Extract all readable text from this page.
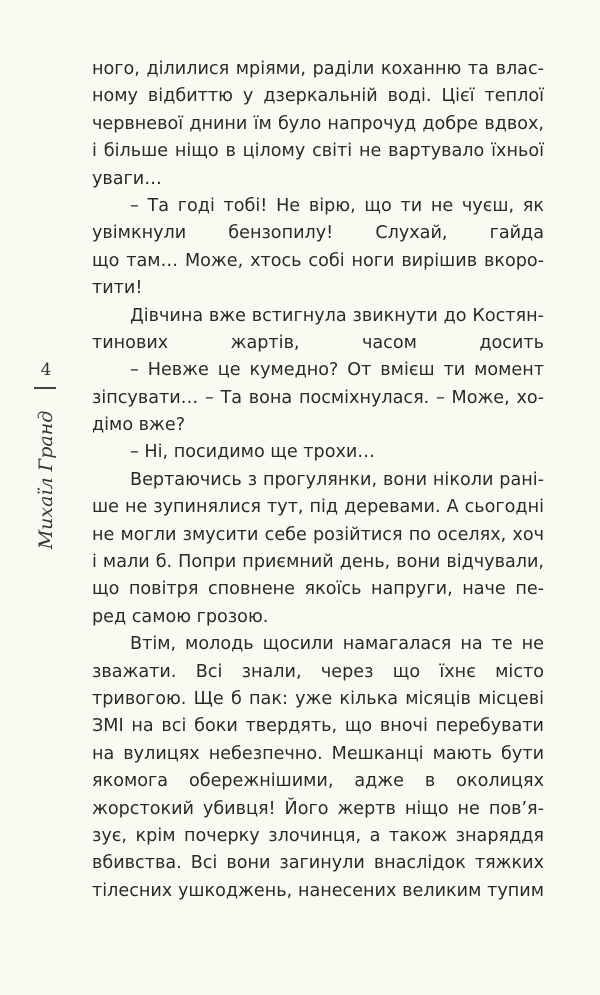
4
Михаїл Гранд
ного, ділилися мріями, раділи коханню та влас-
ному відбиттю у дзеркальній воді. Цієї теплої
червневої днини їм було напрочуд добре вдвох,
і більше ніщо в цілому світі не вартувало їхньої
уваги…
– Та годі тобі! Не вірю, що ти не чуєш, як
увімкнули бензопилу! Слухай, гайда
що там… Може, хтось собі ноги вирішив вкоро-
тити!
Дівчина вже встигнула звикнути до Костян-
тинових жартів, часом досить
– Невже це кумедно? От вмієш ти момент
зіпсувати… – Та вона посміхнулася. – Може, хо-
дімо вже?
– Ні, посидимо ще трохи…
Вертаючись з прогулянки, вони ніколи рані-
ше не зупинялися тут, під деревами. А сьогодні
не могли змусити себе розійтися по оселях, хоч
і мали б. Попри приємний день, вони відчували,
що повітря сповнене якоїсь напруги, наче пе-
ред самою грозою.
Втім, молодь щосили намагалася на те не
зважати. Всі знали, через що їхнє місто
тривогою. Ще б пак: уже кілька місяців місцеві
ЗМІ на всі боки твердять, що вночі перебувати
на вулицях небезпечно. Мешканці мають бути
якомога обережнішими, адже в околицях
жорстокий убивця! Його жертв ніщо не пов’я-
зує, крім почерку злочинця, а також знаряддя
вбивства. Всі вони загинули внаслідок тяжких
тілесних ушкоджень, нанесених великим тупим
